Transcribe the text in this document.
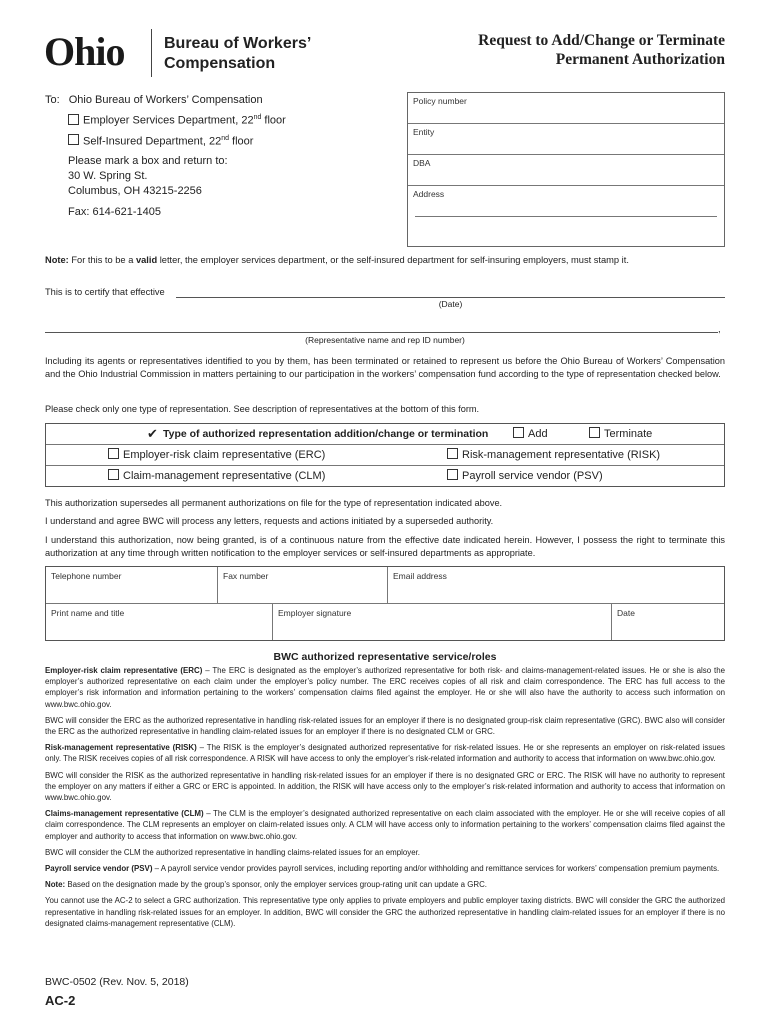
Ohio Bureau of Workers’
Compensation
Request to Add/Change or Terminate
Permanent Authorization
To: Ohio Bureau of Workers’ Compensation
Employer Services Department, 22nd floor
Self-Insured Department, 22nd floor
Please mark a box and return to:
30 W. Spring St.
Columbus, OH 43215-2256
Fax: 614-621-1405
Policy number
Entity
DBA
Address
Note: For this to be a valid letter, the employer services department, or the self-insured department for self-insuring employers, must stamp it.
This is to certify that effective
(Date)
,
(Representative name and rep ID number)

Including its agents or representatives identified to you by them, has been terminated or retained to represent us before the Ohio Bureau of Workers’ Compensation and the Ohio Industrial Commission in matters pertaining to our participation in the workers’ compensation fund according to the type of representation checked below.

Please check only one type of representation. See description of representatives at the bottom of this form.

✔ Type of authorized representation addition/change or termination	Add	Terminate
Employer-risk claim representative (ERC)	Risk-management representative (RISK)
Claim-management representative (CLM)	Payroll service vendor (PSV)

This authorization supersedes all permanent authorizations on file for the type of representation indicated above.

I understand and agree BWC will process any letters, requests and actions initiated by a superseded authority.

I understand this authorization, now being granted, is of a continuous nature from the effective date indicated herein. However, I possess the right to terminate this authorization at any time through written notification to the employer services or self-insured departments as appropriate.

Telephone number	Fax number	Email address
Print name and title	Employer signature	Date
BWC authorized representative service/roles

Employer-risk claim representative (ERC) – The ERC is designated as the employer’s authorized representative for both risk- and claims-management-related issues. He or she is also the employer’s authorized representative on each claim under the employer’s policy number. The ERC receives copies of all risk and claim correspondence. The ERC has full access to the employer’s risk information and information pertaining to the workers’ compensation claims filed against the employer. He or she will also have the authority to access such information on www.bwc.ohio.gov.

BWC will consider the ERC as the authorized representative in handling risk-related issues for an employer if there is no designated group-risk claim representative (GRC). BWC also will consider the ERC as the authorized representative in handling claim-related issues for an employer if there is no designated CLM or GRC.

Risk-management representative (RISK) – The RISK is the employer’s designated authorized representative for risk-related issues. He or she represents an employer on risk-related issues only. The RISK receives copies of all risk correspondence. A RISK will have access to only the employer’s risk-related information and authority to access that information on www.bwc.ohio.gov.

BWC will consider the RISK as the authorized representative in handling risk-related issues for an employer if there is no designated GRC or ERC. The RISK will have no authority to represent the employer on any matters if either a GRC or ERC is appointed. In addition, the RISK will have access only to the employer’s risk-related information and authority to access that information on www.bwc.ohio.gov.

Claims-management representative (CLM) – The CLM is the employer’s designated authorized representative on each claim associated with the employer. He or she will receive copies of all claim correspondence. The CLM represents an employer on claim-related issues only. A CLM will have access only to information pertaining to the workers’ compensation claims filed against the employer and authority to access that information on www.bwc.ohio.gov.

BWC will consider the CLM the authorized representative in handling claims-related issues for an employer.

Payroll service vendor (PSV) – A payroll service vendor provides payroll services, including reporting and/or withholding and remittance services for workers’ compensation premium payments.

Note: Based on the designation made by the group’s sponsor, only the employer services group-rating unit can update a GRC.

You cannot use the AC-2 to select a GRC authorization. This representative type only applies to private employers and public employer taxing districts. BWC will consider the GRC the authorized representative in handling risk-related issues for an employer. In addition, BWC will consider the GRC the authorized representative in handling claim-related issues for an employer if there is no designated claims-management representative (CLM).

BWC-0502 (Rev. Nov. 5, 2018)
AC-2
